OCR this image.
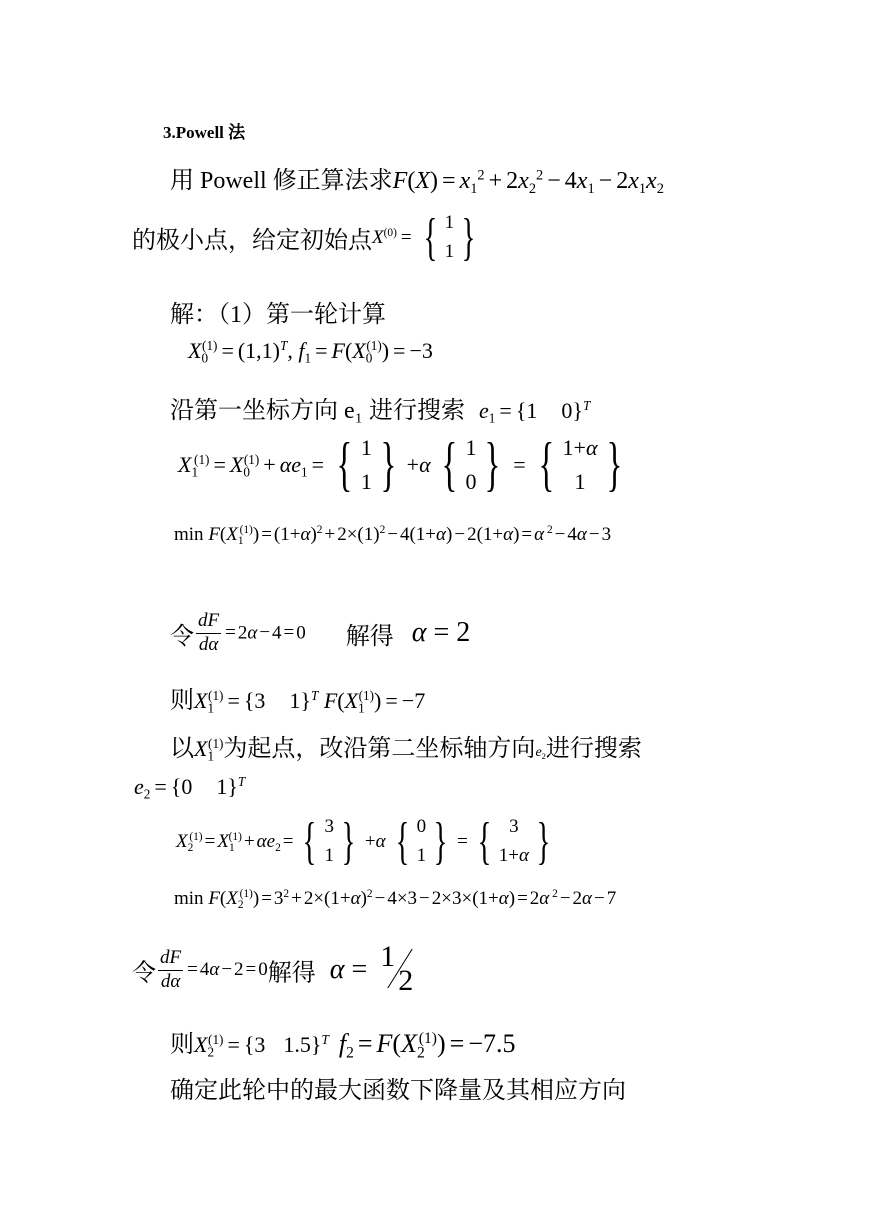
3.Powell 法
用 Powell 修正算法求$F(X) = x_1^2 + 2x_2^2 - 4x_1 - 2x_1x_2$
的极小点，给定初始点$X^{(0)}$ = { 1
1 }
解：（1）第一轮计算
$X_0^{(1)} = (1,1)^T$, $f_1 = F(X_0^{(1)}) = -3$
沿第一坐标方向 e₁ 进行搜索 $e_1 = \{1$ 0}$^T$
$X_1^{(1)} = X_0^{(1)} + \alpha e_1$ = { 1
1 } +α { 1
0 } = { 1+α
1 }
$\min F(X_1^{(1)}) = (1+\alpha)^2 + 2\times(1)^2 - 4(1+\alpha) - 2(1+\alpha) = \alpha$ $^2$ − 4α − 3
令 $\frac{dF}{d\alpha} = 2\alpha - 4 = 0$ 解得 α = 2
则$X_1^{(1)} = \{3$ 1}$^T$ $F(X_1^{(1)}) = -7$
以$X_1^{(1)}$为起点，改沿第二坐标轴方向$e_2$进行搜索
$e_2 = \{0$ 1}$^T$
$X_2^{(1)} = X_1^{(1)} + \alpha e_2$ = { 3
1 } +α { 0
1 } = { 3
1+α }
$\min F(X_2^{(1)}) = 3^2 + 2\times(1+\alpha)^2 - 4\times 3 - 2\times 3\times(1+\alpha) = 2\alpha$ $^2$ − 2α − 7
令 $\frac{dF}{d\alpha} = 4\alpha - 2 = 0$解得 α = 1
2
则$X_2^{(1)} = \{3$ 1.5}$^T$ $f_2 = F(X_2^{(1)}) = -7.5$
确定此轮中的最大函数下降量及其相应方向
